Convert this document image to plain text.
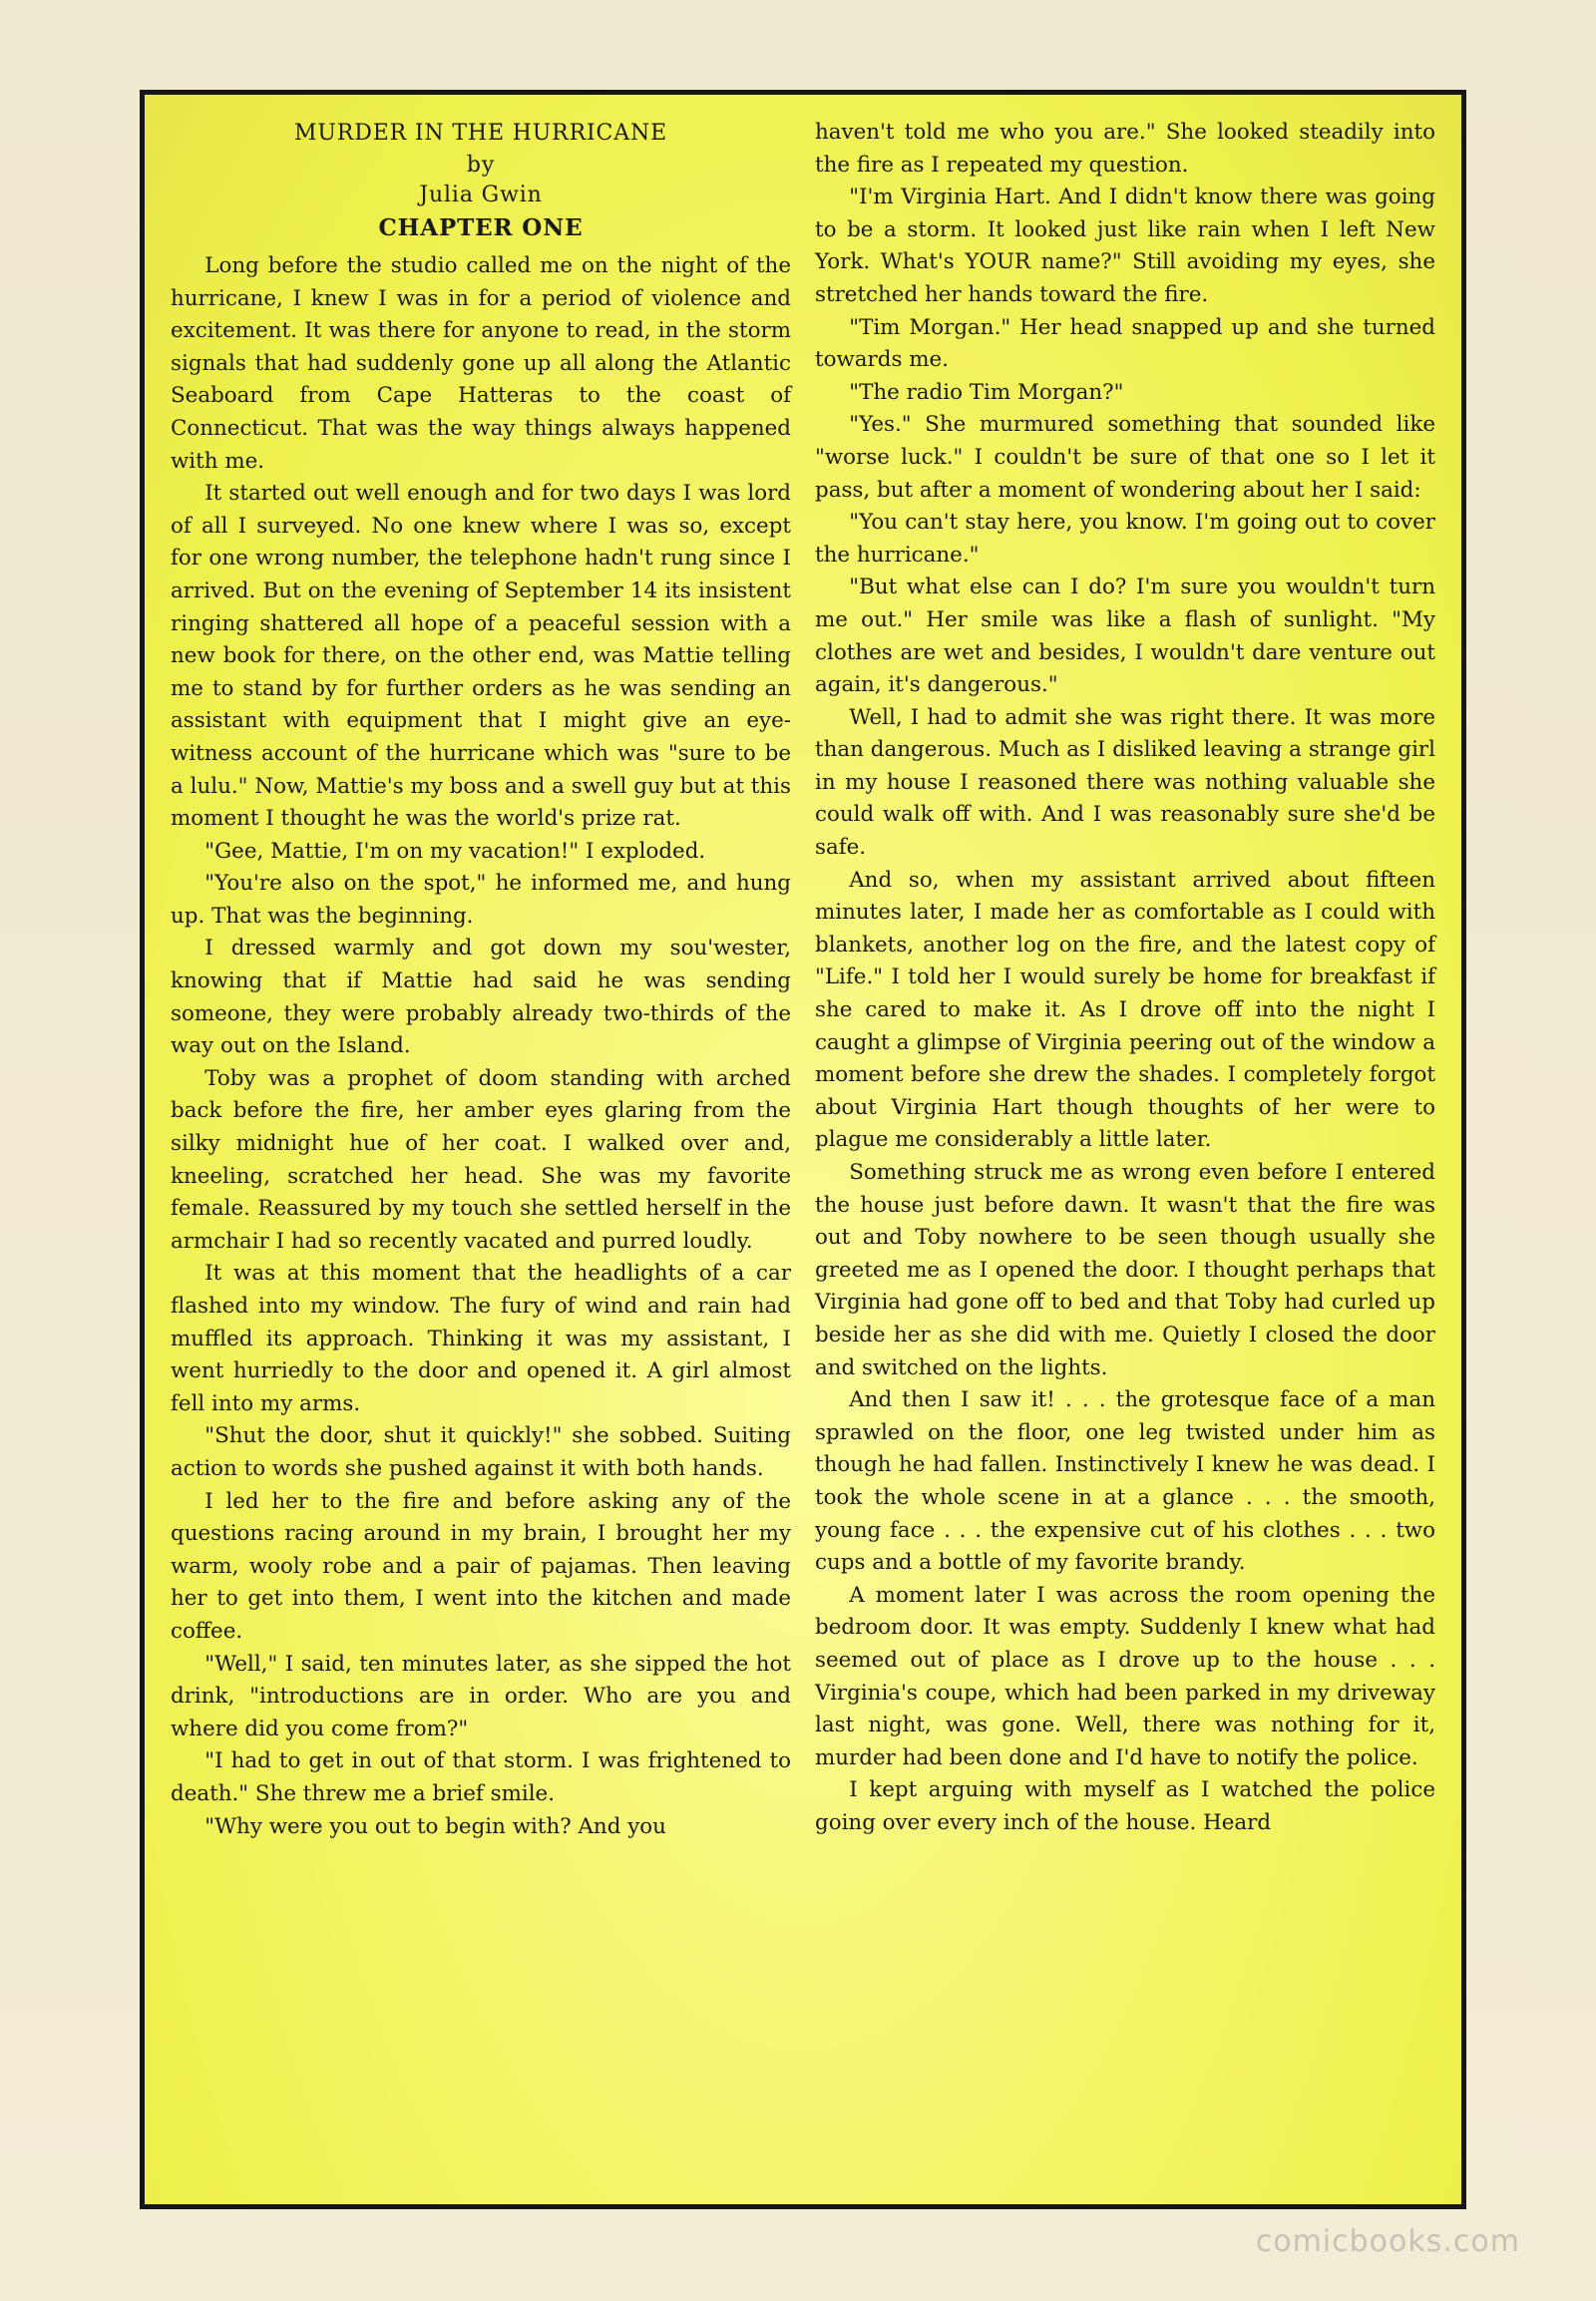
MURDER IN THE HURRICANE
by
Julia Gwin
CHAPTER ONE

Long before the studio called me on the night of the hurricane, I knew I was in for a period of violence and excitement. It was there for anyone to read, in the storm signals that had suddenly gone up all along the Atlantic Seaboard from Cape Hatteras to the coast of Connecticut. That was the way things always happened with me.

It started out well enough and for two days I was lord of all I surveyed. No one knew where I was so, except for one wrong number, the telephone hadn't rung since I arrived. But on the evening of September 14 its insistent ringing shattered all hope of a peaceful session with a new book for there, on the other end, was Mattie telling me to stand by for further orders as he was sending an assistant with equipment that I might give an eye-witness account of the hurricane which was "sure to be a lulu." Now, Mattie's my boss and a swell guy but at this moment I thought he was the world's prize rat.

"Gee, Mattie, I'm on my vacation!" I exploded.

"You're also on the spot," he informed me, and hung up. That was the beginning.

I dressed warmly and got down my sou'wester, knowing that if Mattie had said he was sending someone, they were probably already two-thirds of the way out on the Island.

Toby was a prophet of doom standing with arched back before the fire, her amber eyes glaring from the silky midnight hue of her coat. I walked over and, kneeling, scratched her head. She was my favorite female. Reassured by my touch she settled herself in the armchair I had so recently vacated and purred loudly.

It was at this moment that the headlights of a car flashed into my window. The fury of wind and rain had muffled its approach. Thinking it was my assistant, I went hurriedly to the door and opened it. A girl almost fell into my arms.

"Shut the door, shut it quickly!" she sobbed. Suiting action to words she pushed against it with both hands.

I led her to the fire and before asking any of the questions racing around in my brain, I brought her my warm, wooly robe and a pair of pajamas. Then leaving her to get into them, I went into the kitchen and made coffee.

"Well," I said, ten minutes later, as she sipped the hot drink, "introductions are in order. Who are you and where did you come from?"

"I had to get in out of that storm. I was frightened to death." She threw me a brief smile.

"Why were you out to begin with? And you

haven't told me who you are." She looked steadily into the fire as I repeated my question.

"I'm Virginia Hart. And I didn't know there was going to be a storm. It looked just like rain when I left New York. What's YOUR name?" Still avoiding my eyes, she stretched her hands toward the fire.

"Tim Morgan." Her head snapped up and she turned towards me.

"The radio Tim Morgan?"

"Yes." She murmured something that sounded like "worse luck." I couldn't be sure of that one so I let it pass, but after a moment of wondering about her I said:

"You can't stay here, you know. I'm going out to cover the hurricane."

"But what else can I do? I'm sure you wouldn't turn me out." Her smile was like a flash of sunlight. "My clothes are wet and besides, I wouldn't dare venture out again, it's dangerous."

Well, I had to admit she was right there. It was more than dangerous. Much as I disliked leaving a strange girl in my house I reasoned there was nothing valuable she could walk off with. And I was reasonably sure she'd be safe.

And so, when my assistant arrived about fifteen minutes later, I made her as comfortable as I could with blankets, another log on the fire, and the latest copy of "Life." I told her I would surely be home for breakfast if she cared to make it. As I drove off into the night I caught a glimpse of Virginia peering out of the window a moment before she drew the shades. I completely forgot about Virginia Hart though thoughts of her were to plague me considerably a little later.

Something struck me as wrong even before I entered the house just before dawn. It wasn't that the fire was out and Toby nowhere to be seen though usually she greeted me as I opened the door. I thought perhaps that Virginia had gone off to bed and that Toby had curled up beside her as she did with me. Quietly I closed the door and switched on the lights.

And then I saw it! . . . the grotesque face of a man sprawled on the floor, one leg twisted under him as though he had fallen. Instinctively I knew he was dead. I took the whole scene in at a glance . . . the smooth, young face . . . the expensive cut of his clothes . . . two cups and a bottle of my favorite brandy.

A moment later I was across the room opening the bedroom door. It was empty. Suddenly I knew what had seemed out of place as I drove up to the house . . . Virginia's coupe, which had been parked in my driveway last night, was gone. Well, there was nothing for it, murder had been done and I'd have to notify the police.

I kept arguing with myself as I watched the police going over every inch of the house. Heard

comicbooks.com
